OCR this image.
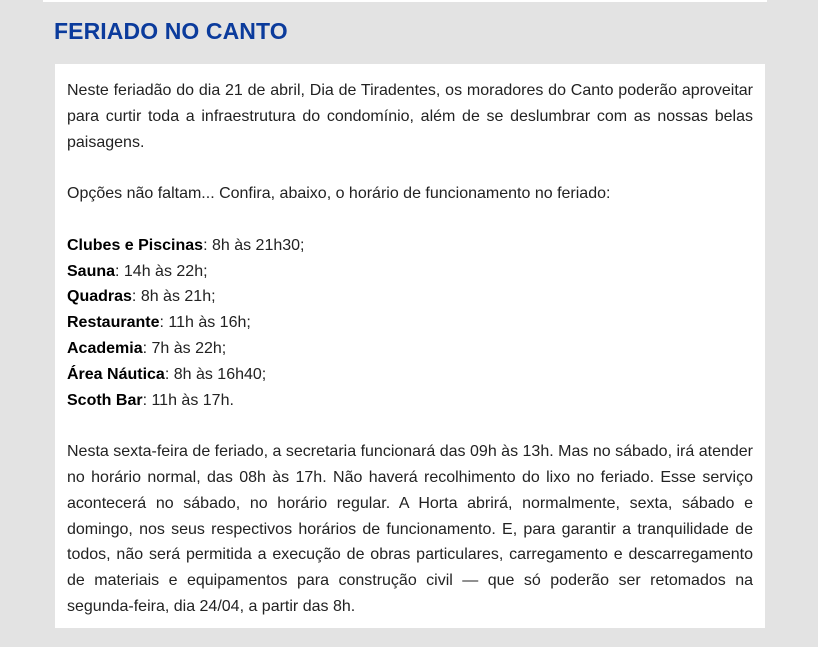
FERIADO NO CANTO

Neste feriadão do dia 21 de abril, Dia de Tiradentes, os moradores do Canto poderão aproveitar para curtir toda a infraestrutura do condomínio, além de se deslumbrar com as nossas belas paisagens.

Opções não faltam... Confira, abaixo, o horário de funcionamento no feriado:

Clubes e Piscinas: 8h às 21h30;

Sauna: 14h às 22h;

Quadras: 8h às 21h;

Restaurante: 11h às 16h;

Academia: 7h às 22h;

Área Náutica: 8h às 16h40;

Scoth Bar: 11h às 17h.

Nesta sexta-feira de feriado, a secretaria funcionará das 09h às 13h. Mas no sábado, irá atender no horário normal, das 08h às 17h. Não haverá recolhimento do lixo no feriado. Esse serviço acontecerá no sábado, no horário regular. A Horta abrirá, normalmente, sexta, sábado e domingo, nos seus respectivos horários de funcionamento. E, para garantir a tranquilidade de todos, não será permitida a execução de obras particulares, carregamento e descarregamento de materiais e equipamentos para construção civil — que só poderão ser retomados na segunda-feira, dia 24/04, a partir das 8h.
